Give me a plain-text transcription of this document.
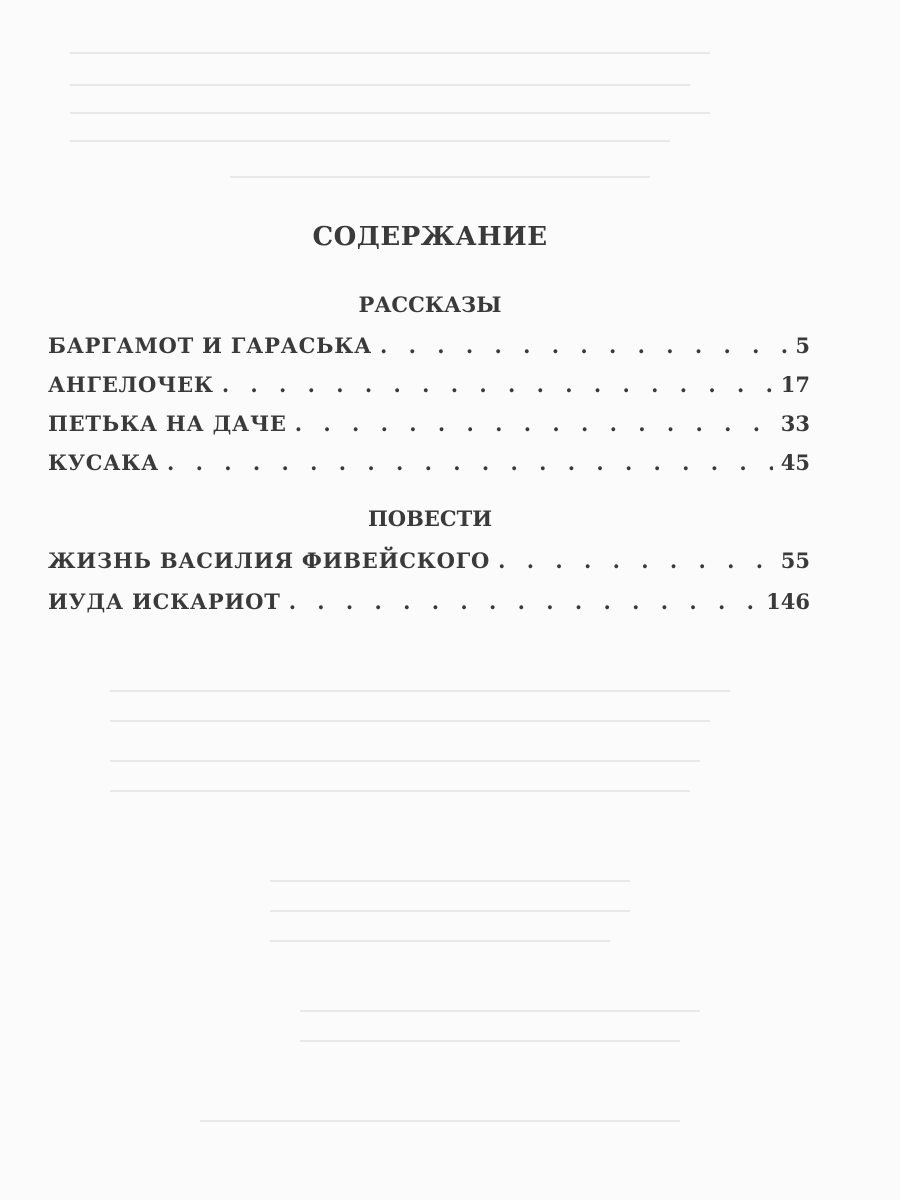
СОДЕРЖАНИЕ
РАССКАЗЫ
БАРГАМОТ И ГАРАСЬКА . . .	5
АНГЕЛОЧЕК . . .	17
ПЕТЬКА НА ДАЧЕ . . .	33
КУСАКА . . .	45
ПОВЕСТИ
ЖИЗНЬ ВАСИЛИЯ ФИВЕЙСКОГО . . .	55
ИУДА ИСКАРИОТ . . .	146
